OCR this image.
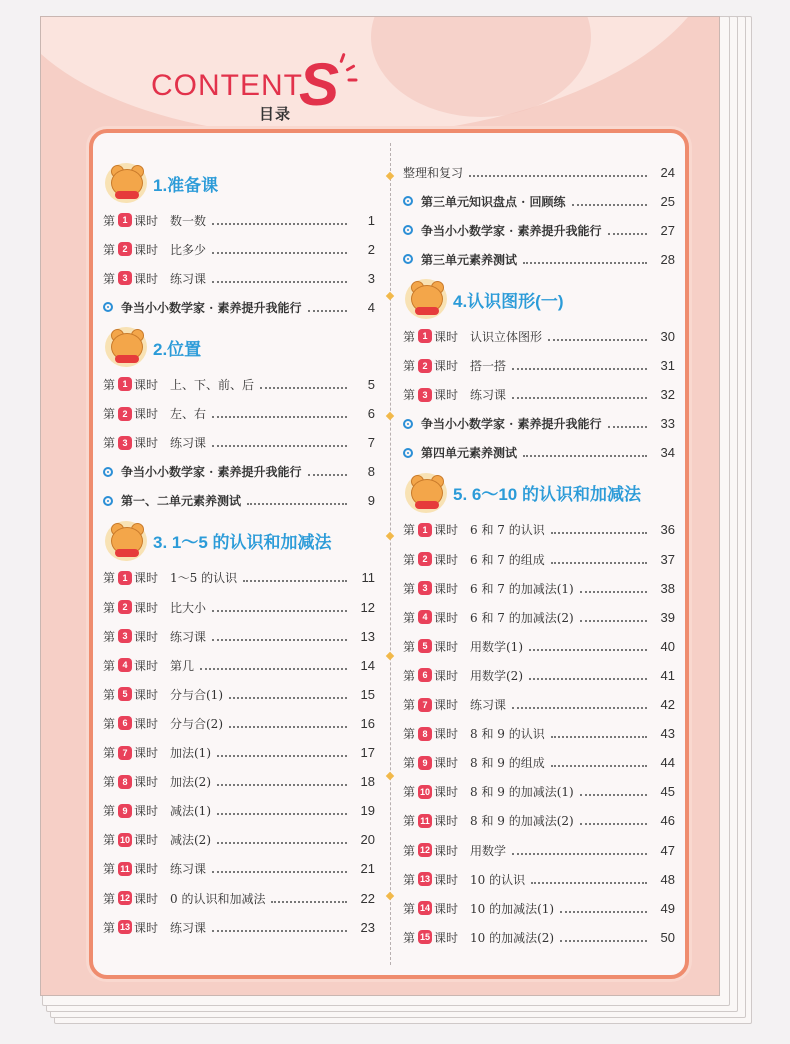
CONTENT
S
目录
1.准备课
第 1 课时 数一数	1
第 2 课时 比多少	2
第 3 课时 练习课	3
争当小小数学家 · 素养提升我能行	4
2.位置
第 1 课时 上、下、前、后	5
第 2 课时 左、右	6
第 3 课时 练习课	7
争当小小数学家 · 素养提升我能行	8
第一、二单元素养测试	9
3. 1～5 的认识和加减法
第 1 课时 1～5 的认识	11
第 2 课时 比大小	12
第 3 课时 练习课	13
第 4 课时 第几	14
第 5 课时 分与合(1)	15
第 6 课时 分与合(2)	16
第 7 课时 加法(1)	17
第 8 课时 加法(2)	18
第 9 课时 减法(1)	19
第 10 课时 减法(2)	20
第 11 课时 练习课	21
第 12 课时 0 的认识和加减法	22
第 13 课时 练习课	23
整理和复习	24
第三单元知识盘点 · 回顾练	25
争当小小数学家 · 素养提升我能行	27
第三单元素养测试	28
4.认识图形(一)
第 1 课时 认识立体图形	30
第 2 课时 搭一搭	31
第 3 课时 练习课	32
争当小小数学家 · 素养提升我能行	33
第四单元素养测试	34
5. 6～10 的认识和加减法
第 1 课时 6 和 7 的认识	36
第 2 课时 6 和 7 的组成	37
第 3 课时 6 和 7 的加减法(1)	38
第 4 课时 6 和 7 的加减法(2)	39
第 5 课时 用数学(1)	40
第 6 课时 用数学(2)	41
第 7 课时 练习课	42
第 8 课时 8 和 9 的认识	43
第 9 课时 8 和 9 的组成	44
第 10 课时 8 和 9 的加减法(1)	45
第 11 课时 8 和 9 的加减法(2)	46
第 12 课时 用数学	47
第 13 课时 10 的认识	48
第 14 课时 10 的加减法(1)	49
第 15 课时 10 的加减法(2)	50
